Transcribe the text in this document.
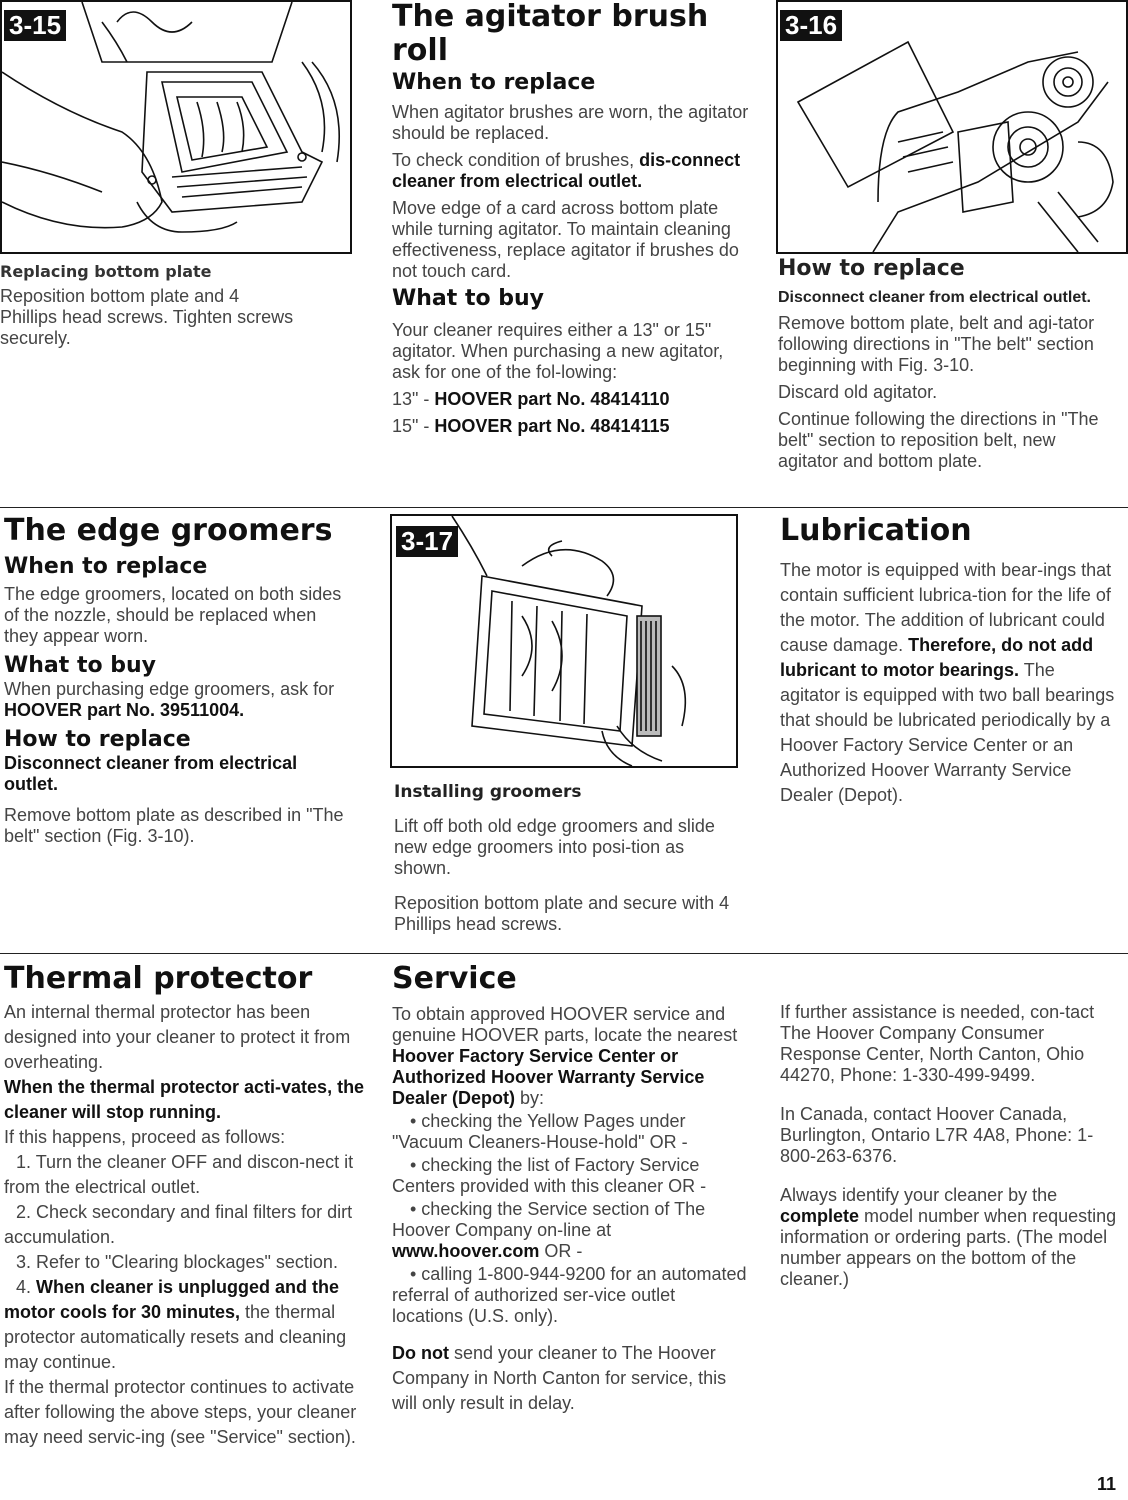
3-15
Replacing bottom plate
Reposition bottom plate and 4 Phillips head screws. Tighten screws securely.
The agitator brush roll
When to replace

When agitator brushes are worn, the agitator should be replaced.

To check condition of brushes, dis-connect cleaner from electrical outlet.

Move edge of a card across bottom plate while turning agitator. To maintain cleaning effectiveness, replace agitator if brushes do not touch card.

What to buy

Your cleaner requires either a 13" or 15" agitator. When purchasing a new agitator, ask for one of the fol-lowing:

13" - HOOVER part No. 48414110

15" - HOOVER part No. 48414115

3-16
How to replace

Disconnect cleaner from electrical outlet.

Remove bottom plate, belt and agi-tator following directions in "The belt" section beginning with Fig. 3-10.

Discard old agitator.

Continue following the directions in "The belt" section to reposition belt, new agitator and bottom plate.

The edge groomers
When to replace

The edge groomers, located on both sides of the nozzle, should be replaced when they appear worn.

What to buy

When purchasing edge groomers, ask for HOOVER part No. 39511004.

How to replace

Disconnect cleaner from electrical outlet.

Remove bottom plate as described in "The belt" section (Fig. 3-10).

3-17
Installing groomers

Lift off both old edge groomers and slide new edge groomers into posi-tion as shown.

Reposition bottom plate and secure with 4 Phillips head screws.

Lubrication
The motor is equipped with bear-ings that contain sufficient lubrica-tion for the life of the motor. The addition of lubricant could cause damage. Therefore, do not add lubricant to motor bearings. The agitator is equipped with two ball bearings that should be lubricated periodically by a Hoover Factory Service Center or an Authorized Hoover Warranty Service Dealer (Depot).
Thermal protector
An internal thermal protector has been designed into your cleaner to protect it from overheating.
When the thermal protector acti-vates, the cleaner will stop running.
If this happens, proceed as follows:
1. Turn the cleaner OFF and discon-nect it from the electrical outlet.
2. Check secondary and final filters for dirt accumulation.
3. Refer to "Clearing blockages" section.
4. When cleaner is unplugged and the motor cools for 30 minutes, the thermal protector automatically resets and cleaning may continue.
If the thermal protector continues to activate after following the above steps, your cleaner may need servic-ing (see "Service" section).
Service

To obtain approved HOOVER service and genuine HOOVER parts, locate the nearest Hoover Factory Service Center or Authorized Hoover Warranty Service Dealer (Depot) by:

• checking the Yellow Pages under "Vacuum Cleaners-House-hold" OR -

• checking the list of Factory Service Centers provided with this cleaner OR -

• checking the Service section of The Hoover Company on-line at www.hoover.com OR -

• calling 1-800-944-9200 for an automated referral of authorized ser-vice outlet locations (U.S. only).

Do not send your cleaner to The Hoover Company in North Canton for service, this will only result in delay.

If further assistance is needed, con-tact The Hoover Company Consumer Response Center, North Canton, Ohio 44270, Phone: 1-330-499-9499.

In Canada, contact Hoover Canada, Burlington, Ontario L7R 4A8, Phone: 1-800-263-6376.

Always identify your cleaner by the complete model number when requesting information or ordering parts. (The model number appears on the bottom of the cleaner.)

11
